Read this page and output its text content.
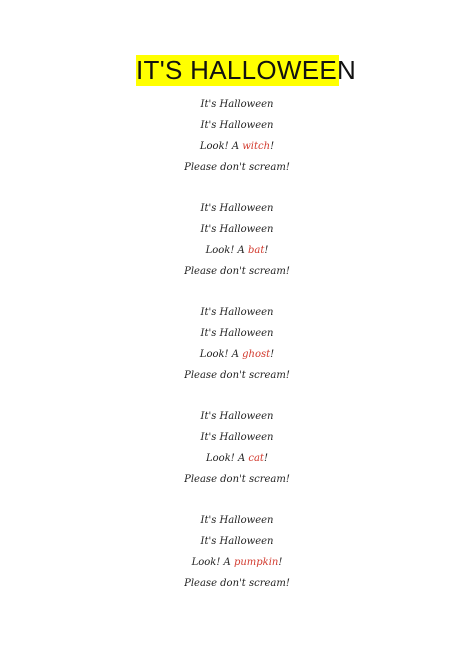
IT'S HALLOWEEN
It's Halloween
It's Halloween
Look! A witch!
Please don't scream!
It's Halloween
It's Halloween
Look! A bat!
Please don't scream!
It's Halloween
It's Halloween
Look! A ghost!
Please don't scream!
It's Halloween
It's Halloween
Look! A cat!
Please don't scream!
It's Halloween
It's Halloween
Look! A pumpkin!
Please don't scream!
